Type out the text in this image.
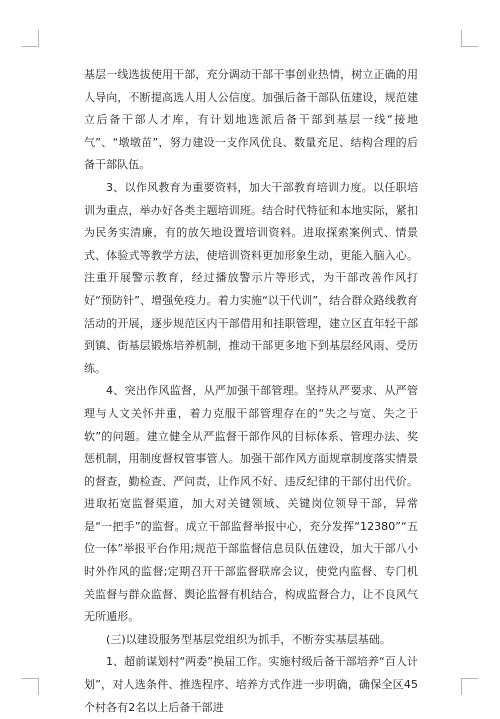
基层一线选拔使用干部，充分调动干部干事创业热情，树立正确的用人导向，不断提高选人用人公信度。加强后备干部队伍建设，规范建立后备干部人才库，有计划地选派后备干部到基层一线“接地气”、“墩墩苗”，努力建设一支作风优良、数量充足、结构合理的后备干部队伍。

3、以作风教育为重要资料，加大干部教育培训力度。以任职培训为重点，举办好各类主题培训班。结合时代特征和本地实际，紧扣为民务实清廉，有的放矢地设置培训资料。进取探索案例式、情景式、体验式等教学方法，使培训资料更加形象生动，更能入脑入心。注重开展警示教育，经过播放警示片等形式，为干部改善作风打好“预防针”、增强免疫力。着力实施“以干代训”，结合群众路线教育活动的开展，逐步规范区内干部借用和挂职管理，建立区直年轻干部到镇、街基层锻炼培养机制，推动干部更多地下到基层经风雨、受历练。

4、突出作风监督，从严加强干部管理。坚持从严要求、从严管理与人文关怀并重，着力克服干部管理存在的“失之与宽、失之于软”的问题。建立健全从严监督干部作风的目标体系、管理办法、奖惩机制，用制度督权管事管人。加强干部作风方面规章制度落实情景的督查，勤检查、严问责，让作风不好、违反纪律的干部付出代价。进取拓宽监督渠道，加大对关键领域、关键岗位领导干部，异常是“一把手”的监督。成立干部监督举报中心，充分发挥“12380”“五位一体”举报平台作用;规范干部监督信息员队伍建设，加大干部八小时外作风的监督;定期召开干部监督联席会议，使党内监督、专门机关监督与群众监督、舆论监督有机结合，构成监督合力，让不良风气无所遁形。

(三)以建设服务型基层党组织为抓手，不断夯实基层基础。

1、超前谋划村“两委”换届工作。实施村级后备干部培养“百人计划”，对人选条件、推选程序、培养方式作进一步明确，确保全区45个村各有2名以上后备干部进
